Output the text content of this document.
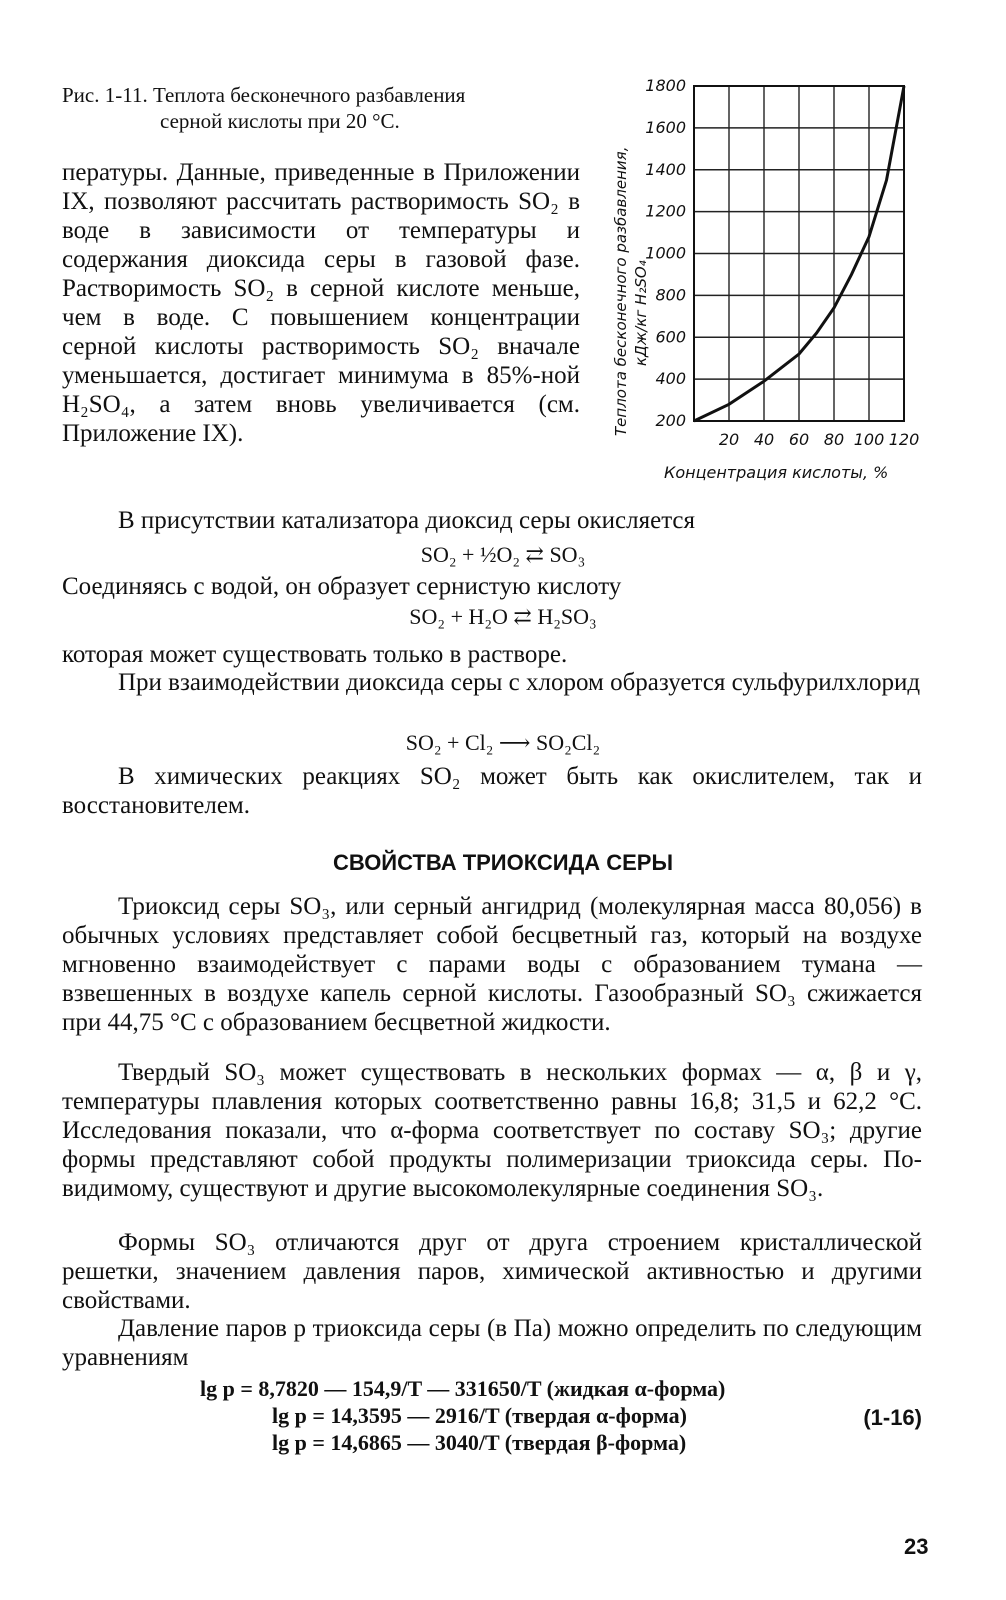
Рис. 1-11. Теплота бесконечного разбавления
серной кислоты при 20 °С.

пературы. Данные, приведенные в Приложении IX, позволяют рассчитать растворимость SO₂ в воде в зависимости от температуры и содержания диоксида серы в газовой фазе. Растворимость SO₂ в серной кислоте меньше, чем в воде. С повышением концентрации серной кислоты растворимость SO₂ вначале уменьшается, достигает минимума в 85%-ной H₂SO₄, а затем вновь увеличивается (см. Приложение IX).	20 40 60 80 100 120
200
400
600
800
1000
1200
1400
1600
1800
Теплота бесконечного разбавления, кДж/кг H₂SO₄
Концентрация кислоты, %
В присутствии катализатора диоксид серы окисляется
SO₂ + ½O₂ ⇄ SO₃
Соединяясь с водой, он образует сернистую кислоту
SO₂ + H₂O ⇄ H₂SO₃
которая может существовать только в растворе.
При взаимодействии диоксида серы с хлором образуется сульфурилхлорид
SO₂ + Cl₂ ⟶ SO₂Cl₂
В химических реакциях SO₂ может быть как окислителем, так и восстановителем.
СВОЙСТВА ТРИОКСИДА СЕРЫ
Триоксид серы SO₃, или серный ангидрид (молекулярная масса 80,056) в обычных условиях представляет собой бесцветный газ, который на воздухе мгновенно взаимодействует с парами воды с образованием тумана — взвешенных в воздухе капель серной кислоты. Газообразный SO₃ сжижается при 44,75 °С с образованием бесцветной жидкости.
Твердый SO₃ может существовать в нескольких формах — α, β и γ, температуры плавления которых соответственно равны 16,8; 31,5 и 62,2 °С. Исследования показали, что α-форма соответствует по составу SO₃; другие формы представляют собой продукты полимеризации триоксида серы. По-видимому, существуют и другие высокомолекулярные соединения SO₃.
Формы SO₃ отличаются друг от друга строением кристаллической решетки, значением давления паров, химической активностью и другими свойствами.
Давление паров p триоксида серы (в Па) можно определить по следующим уравнениям
lg p = 8,7820 — 154,9/T — 331650/T (жидкая α-форма)
lg p = 14,3595 — 2916/T (твердая α-форма)
lg p = 14,6865 — 3040/T (твердая β-форма)
(1-16)
23
